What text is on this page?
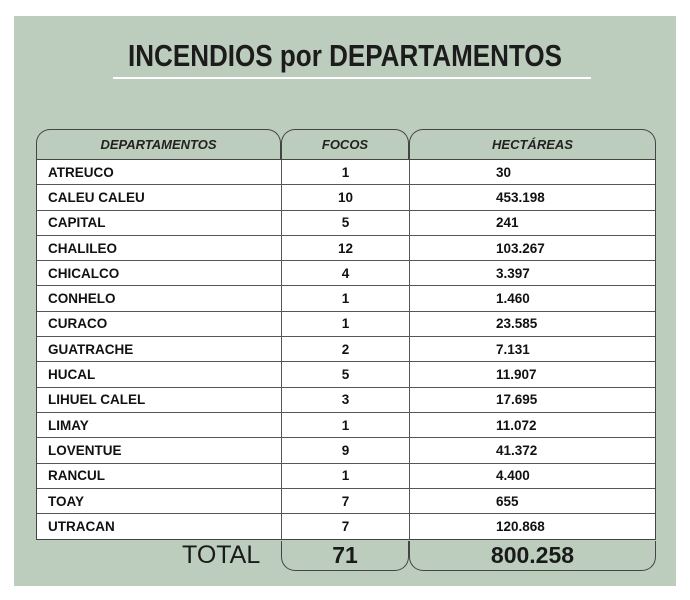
INCENDIOS por DEPARTAMENTOS
DEPARTAMENTOS	FOCOS	HECTÁREAS
ATREUCO	1	30
CALEU CALEU	10	453.198
CAPITAL	5	241
CHALILEO	12	103.267
CHICALCO	4	3.397
CONHELO	1	1.460
CURACO	1	23.585
GUATRACHE	2	7.131
HUCAL	5	11.907
LIHUEL CALEL	3	17.695
LIMAY	1	11.072
LOVENTUE	9	41.372
RANCUL	1	4.400
TOAY	7	655
UTRACAN	7	120.868
TOTAL	71	800.258
